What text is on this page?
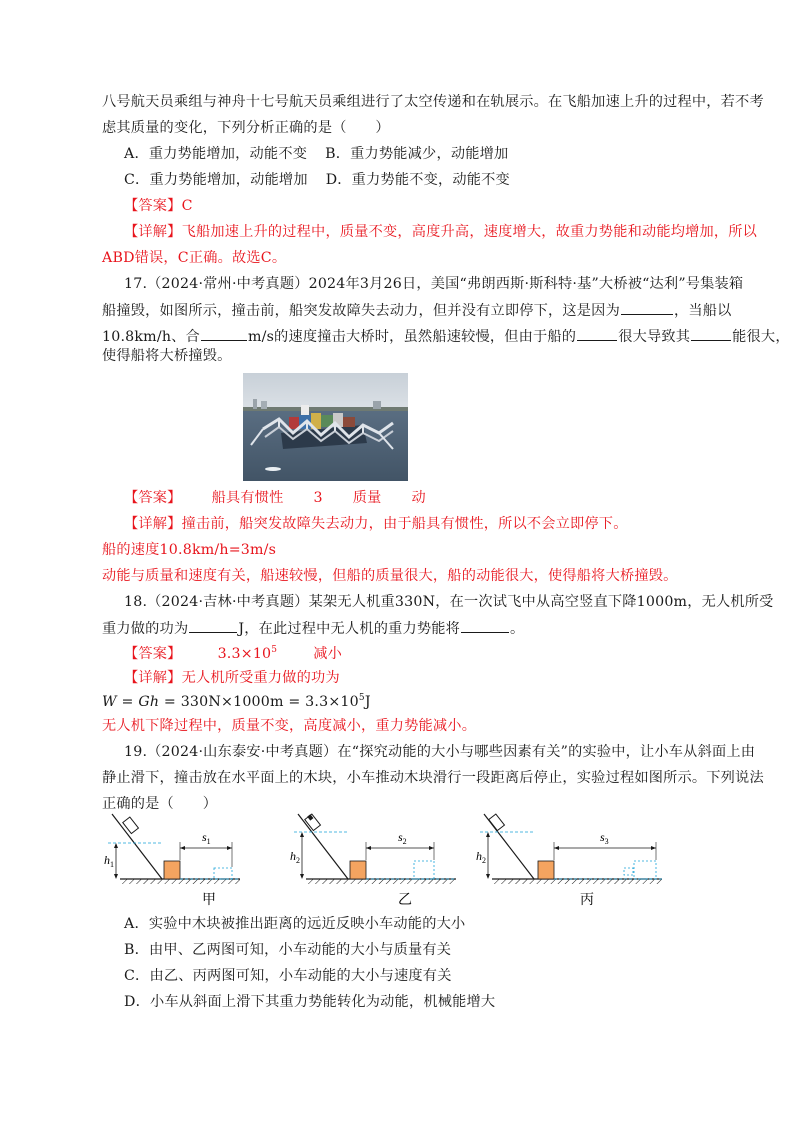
八号航天员乘组与神舟十七号航天员乘组进行了太空传递和在轨展示。在飞船加速上升的过程中，若不考
虑其质量的变化，下列分析正确的是（　　）
A．重力势能增加，动能不变 B．重力势能减少，动能增加
C．重力势能增加，动能增加 D．重力势能不变，动能不变
【答案】C
【详解】飞船加速上升的过程中，质量不变，高度升高，速度增大，故重力势能和动能均增加，所以
ABD错误，C正确。故选C。
17.（2024·常州·中考真题）2024年3月26日，美国“弗朗西斯·斯科特·基”大桥被“达利”号集装箱
船撞毁，如图所示，撞击前，船突发故障失去动力，但并没有立即停下，这是因为	，当船以
10.8km/h、合	m/s的速度撞击大桥时，虽然船速较慢，但由于船的	很大导致其	能很大，
使得船将大桥撞毁。
【答案】 船具有惯性 3 质量 动
【详解】撞击前，船突发故障失去动力，由于船具有惯性，所以不会立即停下。
船的速度10.8km/h=3m/s
动能与质量和速度有关，船速较慢，但船的质量很大，船的动能很大，使得船将大桥撞毁。
18.（2024·吉林·中考真题）某架无人机重330N，在一次试飞中从高空竖直下降1000m，无人机所受
重力做的功为	J，在此过程中无人机的重力势能将	。
【答案】	$3.3\times 10^5$	减小
【详解】无人机所受重力做的功为
$W = Gh = 330N\times 1000m = 3.3\times 10^5J$
无人机下降过程中，质量不变，高度减小，重力势能减小。
19.（2024·山东泰安·中考真题）在“探究动能的大小与哪些因素有关”的实验中，让小车从斜面上由
静止滑下，撞击放在水平面上的木块，小车推动木块滑行一段距离后停止，实验过程如图所示。下列说法
正确的是（　　）
$h_1$
$s_1$
甲
$h_2$
$s_2$
乙
$h_2$
$s_3$
丙
A．实验中木块被推出距离的远近反映小车动能的大小
B．由甲、乙两图可知，小车动能的大小与质量有关
C．由乙、丙两图可知，小车动能的大小与速度有关
D．小车从斜面上滑下其重力势能转化为动能，机械能增大
